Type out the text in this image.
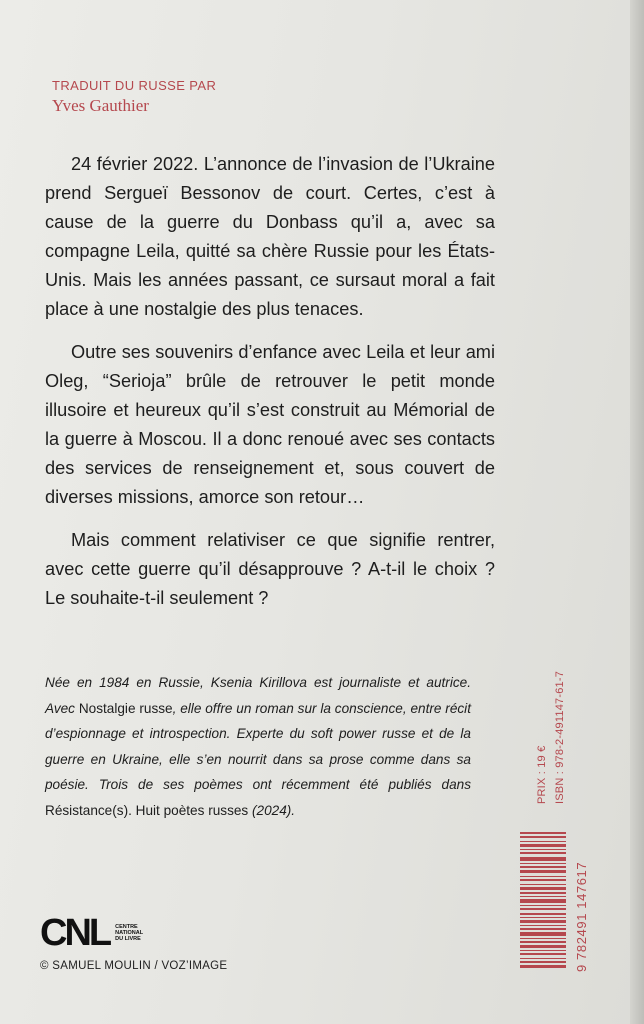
TRADUIT DU RUSSE PAR
Yves Gauthier

24 février 2022. L’annonce de l’invasion de l’Ukraine prend Sergueï Bessonov de court. Certes, c’est à cause de la guerre du Donbass qu’il a, avec sa compagne Leila, quitté sa chère Russie pour les États-Unis. Mais les années passant, ce sursaut moral a fait place à une nostalgie des plus tenaces.

Outre ses souvenirs d’enfance avec Leila et leur ami Oleg, “Serioja” brûle de retrouver le petit monde illusoire et heureux qu’il s’est construit au Mémorial de la guerre à Moscou. Il a donc renoué avec ses contacts des services de renseignement et, sous couvert de diverses missions, amorce son retour…

Mais comment relativiser ce que signifie rentrer, avec cette guerre qu’il désapprouve ? A-t-il le choix ? Le souhaite-t-il seulement ?

Née en 1984 en Russie, Ksenia Kirillova est journaliste et autrice. Avec Nostalgie russe, elle offre un roman sur la conscience, entre récit d’espionnage et introspection. Experte du soft power russe et de la guerre en Ukraine, elle s’en nourrit dans sa prose comme dans sa poésie. Trois de ses poèmes ont récemment été publiés dans Résistance(s). Huit poètes russes (2024).

PRIX : 19 € ISBN : 978-2-491147-61-7
9 782491 147617
CNL CENTRE
NATIONAL
DU LIVRE
© SAMUEL MOULIN / VOZ’IMAGE
